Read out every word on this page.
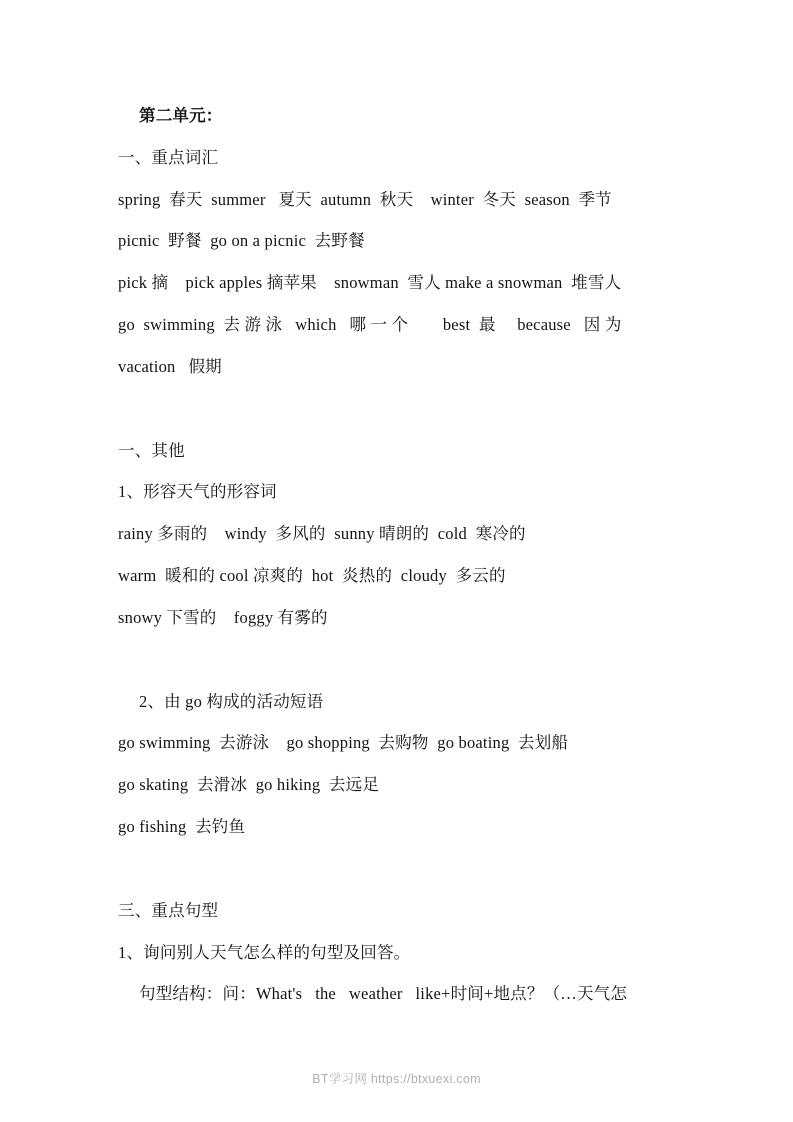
第二单元：
一、重点词汇
spring  春天  summer   夏天  autumn  秋天    winter  冬天  season  季节
picnic  野餐  go on a picnic  去野餐
pick 摘    pick apples 摘苹果    snowman  雪人 make a snowman  堆雪人
go  swimming  去 游 泳   which   哪 一 个        best  最     because   因 为
vacation   假期
一、其他
1、形容天气的形容词
rainy 多雨的    windy  多风的  sunny 晴朗的  cold  寒冷的
warm  暖和的 cool 凉爽的  hot  炎热的  cloudy  多云的
snowy 下雪的    foggy 有雾的
2、由 go 构成的活动短语
go swimming  去游泳    go shopping  去购物  go boating  去划船
go skating  去滑冰  go hiking  去远足
go fishing  去钓鱼
三、重点句型
1、询问别人天气怎么样的句型及回答。
句型结构：问：What's   the   weather   like+时间+地点？（…天气怎
BT学习网 https://btxuexi.com
